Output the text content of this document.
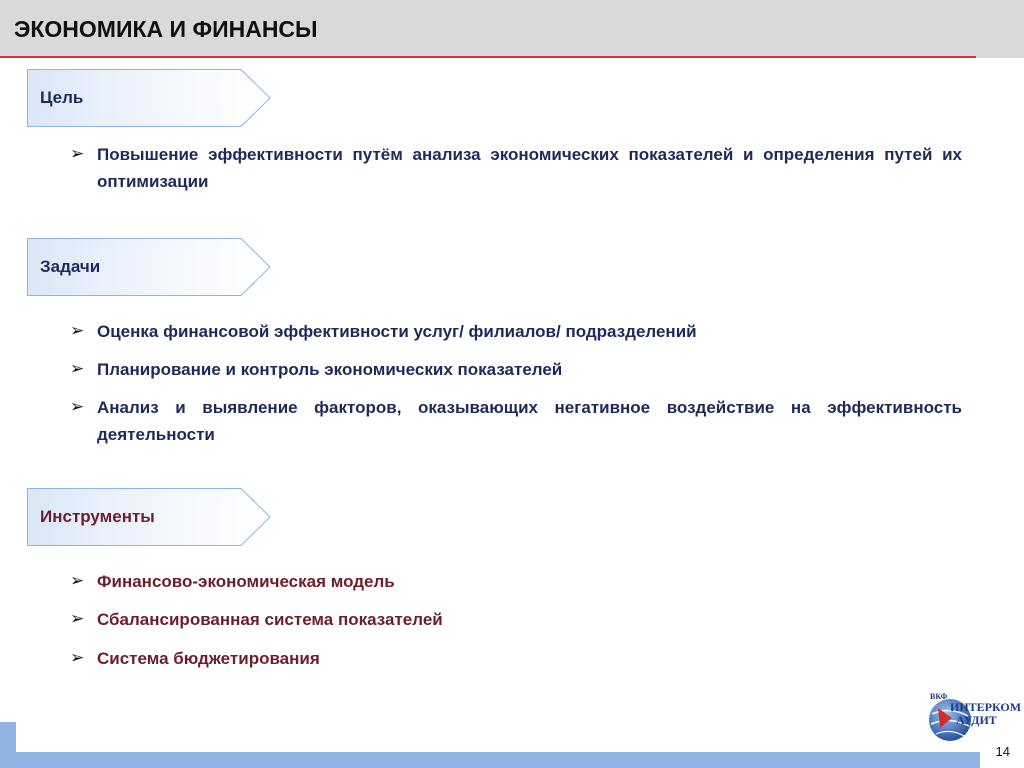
ЭКОНОМИКА И ФИНАНСЫ
Цель
➢ Повышение эффективности путём анализа экономических показателей и определения путей их оптимизации
Задачи
➢ Оценка финансовой эффективности услуг/ филиалов/ подразделений
➢ Планирование и контроль экономических показателей
➢ Анализ и выявление факторов, оказывающих негативное воздействие на эффективность деятельности
Инструменты
➢ Финансово-экономическая модель
➢ Сбалансированная система показателей
➢ Система бюджетирования
ВКФ
ИНТЕРКОМ
АУДИТ
14
